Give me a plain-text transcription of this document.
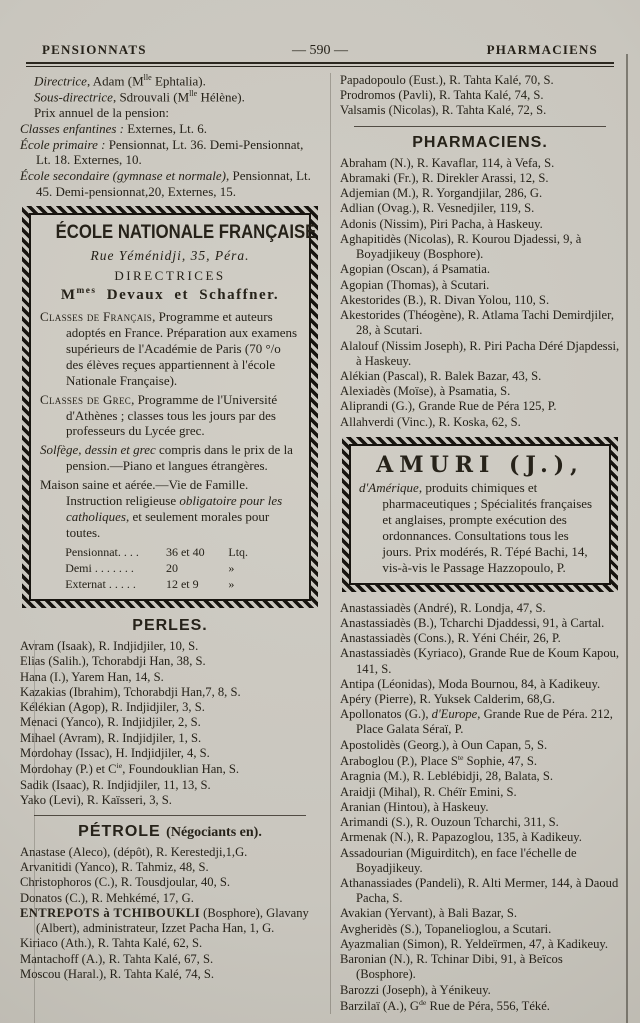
PENSIONNATS	— 590 —	PHARMACIENS
Directrice, Adam ($M^{lle}$ Ephtalia).
Sous-directrice, Sdrouvali ($M^{lle}$ Hélène).
Prix annuel de la pension:
Classes enfantines : Externes, Lt. 6.
École primaire : Pensionnat, Lt. 36. Demi-Pensionnat, Lt. 18. Externes, 10.
École secondaire (gymnase et normale), Pensionnat, Lt. 45. Demi-pensionnat,20, Externes, 15.
ÉCOLE NATIONALE FRANÇAISE
Rue Yéménidji, 35, Péra.
DIRECTRICES
$M^{mes}$ Devaux et Schaffner.
Classes de Français, Programme et auteurs adoptés en France. Préparation aux examens supérieurs de l'Académie de Paris (70 °/o des élèves reçues appartiennent à l'école Nationale Française).
Classes de Grec, Programme de l'Université d'Athènes ; classes tous les jours par des professeurs du Lycée grec.
Solfège, dessin et grec compris dans le prix de la pension.—Piano et langues étrangères.
Maison saine et aérée.—Vie de Famille. Instruction religieuse obligatoire pour les catholiques, et seulement morales pour toutes.
Pensionnat. . . . 36 et 40 Ltq.
Demi . . . . . . .	20	»
Externat . . . . .	12 et 9 »
PERLES.
Avram (Isaak), R. Indjidjiler, 10, S.
Elias (Salih.), Tchorabdji Han, 38, S.
Hana (I.), Yarem Han, 14, S.
Kazakias (Ibrahim), Tchorabdji Han,7, 8, S.
Kélékian (Agop), R. Indjidjiler, 3, S.
Menaci (Yanco), R. Indjidjiler, 2, S.
Mihael (Avram), R. Indjidjiler, 1, S.
Mordohay (Issac), H. Indjidjiler, 4, S.
Mordohay (P.) et $C^{ie}$, Foundouklian Han, S.
Sadik (Isaac), R. Indjidjiler, 11, 13, S.
Yako (Levi), R. Kaïsseri, 3, S.
PÉTROLE (Négociants en).
Anastase (Aleco), (dépôt), R. Kerestedji,1,G.
Arvanitidi (Yanco), R. Tahmiz, 48, S.
Christophoros (C.), R. Tousdjoular, 40, S.
Donatos (C.), R. Mehkémé, 17, G.
ENTREPOTS à TCHIBOUKLI (Bosphore), Glavany (Albert), administrateur, Izzet Pacha Han, 1, G.
Kiriaco (Ath.), R. Tahta Kalé, 62, S.
Mantachoff (A.), R. Tahta Kalé, 67, S.
Moscou (Haral.), R. Tahta Kalé, 74, S.
Papadopoulo (Eust.), R. Tahta Kalé, 70, S.
Prodromos (Pavli), R. Tahta Kalé, 74, S.
Valsamis (Nicolas), R. Tahta Kalé, 72, S.
PHARMACIENS.
Abraham (N.), R. Kavaflar, 114, à Vefa, S.
Abramaki (Fr.), R. Direkler Arassi, 12, S.
Adjemian (M.), R. Yorgandjilar, 286, G.
Adlian (Ovag.), R. Vesnedjiler, 119, S.
Adonis (Nissim), Piri Pacha, à Haskeuy.
Aghapitidès (Nicolas), R. Kourou Djadessi, 9, à Boyadjikeuy (Bosphore).
Agopian (Oscan), á Psamatia.
Agopian (Thomas), à Scutari.
Akestorides (B.), R. Divan Yolou, 110, S.
Akestorides (Théogène), R. Atlama Tachi Demirdjiler, 28, à Scutari.
Alalouf (Nissim Joseph), R. Piri Pacha Déré Djapdessi, à Haskeuy.
Alékian (Pascal), R. Balek Bazar, 43, S.
Alexiadès (Moïse), à Psamatia, S.
Aliprandi (G.), Grande Rue de Péra 125, P.
Allahverdi (Vinc.), R. Koska, 62, S.
AMURI (J.),
d'Amérique, produits chimiques et pharmaceutiques ; Spécialités françaises et anglaises, prompte exécution des ordonnances. Consultations tous les jours. Prix modérés, R. Tépé Bachi, 14, vis-à-vis le Passage Hazzopoulo, P.
Anastassiadès (André), R. Londja, 47, S.
Anastassiadès (B.), Tcharchi Djaddessi, 91, à Cartal.
Anastassiadès (Cons.), R. Yéni Chéir, 26, P.
Anastassiadès (Kyriaco), Grande Rue de Koum Kapou, 141, S.
Antipa (Léonidas), Moda Bournou, 84, à Kadikeuy.
Apéry (Pierre), R. Yuksek Calderim, 68,G.
Apollonatos (G.), d'Europe, Grande Rue de Péra. 212, Place Galata Séraï, P.
Apostolidès (Georg.), à Oun Capan, 5, S.
Araboglou (P.), Place $S^{te}$ Sophie, 47, S.
Aragnia (M.), R. Leblébidji, 28, Balata, S.
Araidji (Mihal), R. Chéïr Emini, S.
Aranian (Hintou), à Haskeuy.
Arimandi (S.), R. Ouzoun Tcharchi, 311, S.
Armenak (N.), R. Papazoglou, 135, à Kadikeuy.
Assadourian (Miguirditch), en face l'échelle de Boyadjikeuy.
Athanassiades (Pandeli), R. Alti Mermer, 144, à Daoud Pacha, S.
Avakian (Yervant), à Bali Bazar, S.
Avgheridès (S.), Topanelioglou, a Scutari.
Ayazmalian (Simon), R. Yeldeïrmen, 47, à Kadikeuy.
Baronian (N.), R. Tchinar Dibi, 91, à Beïcos (Bosphore).
Barozzi (Joseph), à Yénikeuy.
Barzilaï (A.), $G^{de}$ Rue de Péra, 556, Téké.
